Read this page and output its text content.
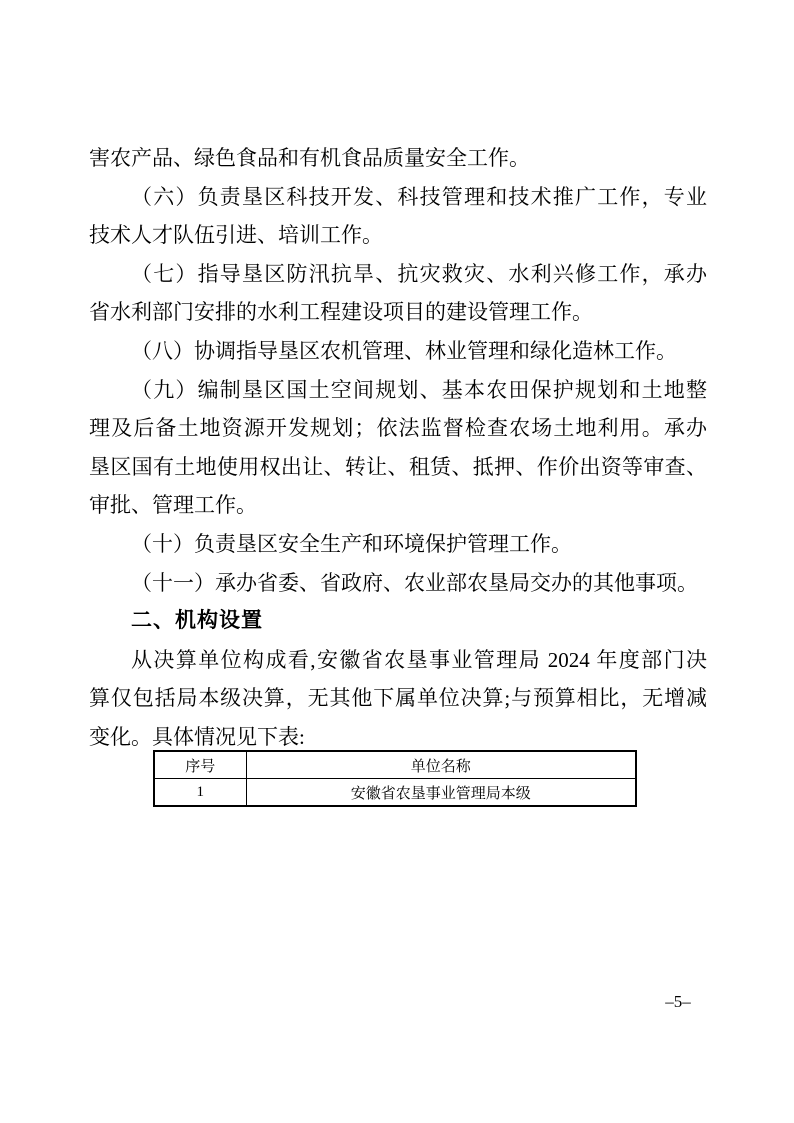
害农产品、绿色食品和有机食品质量安全工作。
（六）负责垦区科技开发、科技管理和技术推广工作，专业
技术人才队伍引进、培训工作。
（七）指导垦区防汛抗旱、抗灾救灾、水利兴修工作，承办
省水利部门安排的水利工程建设项目的建设管理工作。
（八）协调指导垦区农机管理、林业管理和绿化造林工作。
（九）编制垦区国土空间规划、基本农田保护规划和土地整
理及后备土地资源开发规划；依法监督检查农场土地利用。承办
垦区国有土地使用权出让、转让、租赁、抵押、作价出资等审查、
审批、管理工作。
（十）负责垦区安全生产和环境保护管理工作。
（十一）承办省委、省政府、农业部农垦局交办的其他事项。
二、机构设置
从决算单位构成看,安徽省农垦事业管理局 2024 年度部门决
算仅包括局本级决算，无其他下属单位决算;与预算相比，无增减
变化。具体情况见下表:
序号	单位名称
1	安徽省农垦事业管理局本级
–5–
